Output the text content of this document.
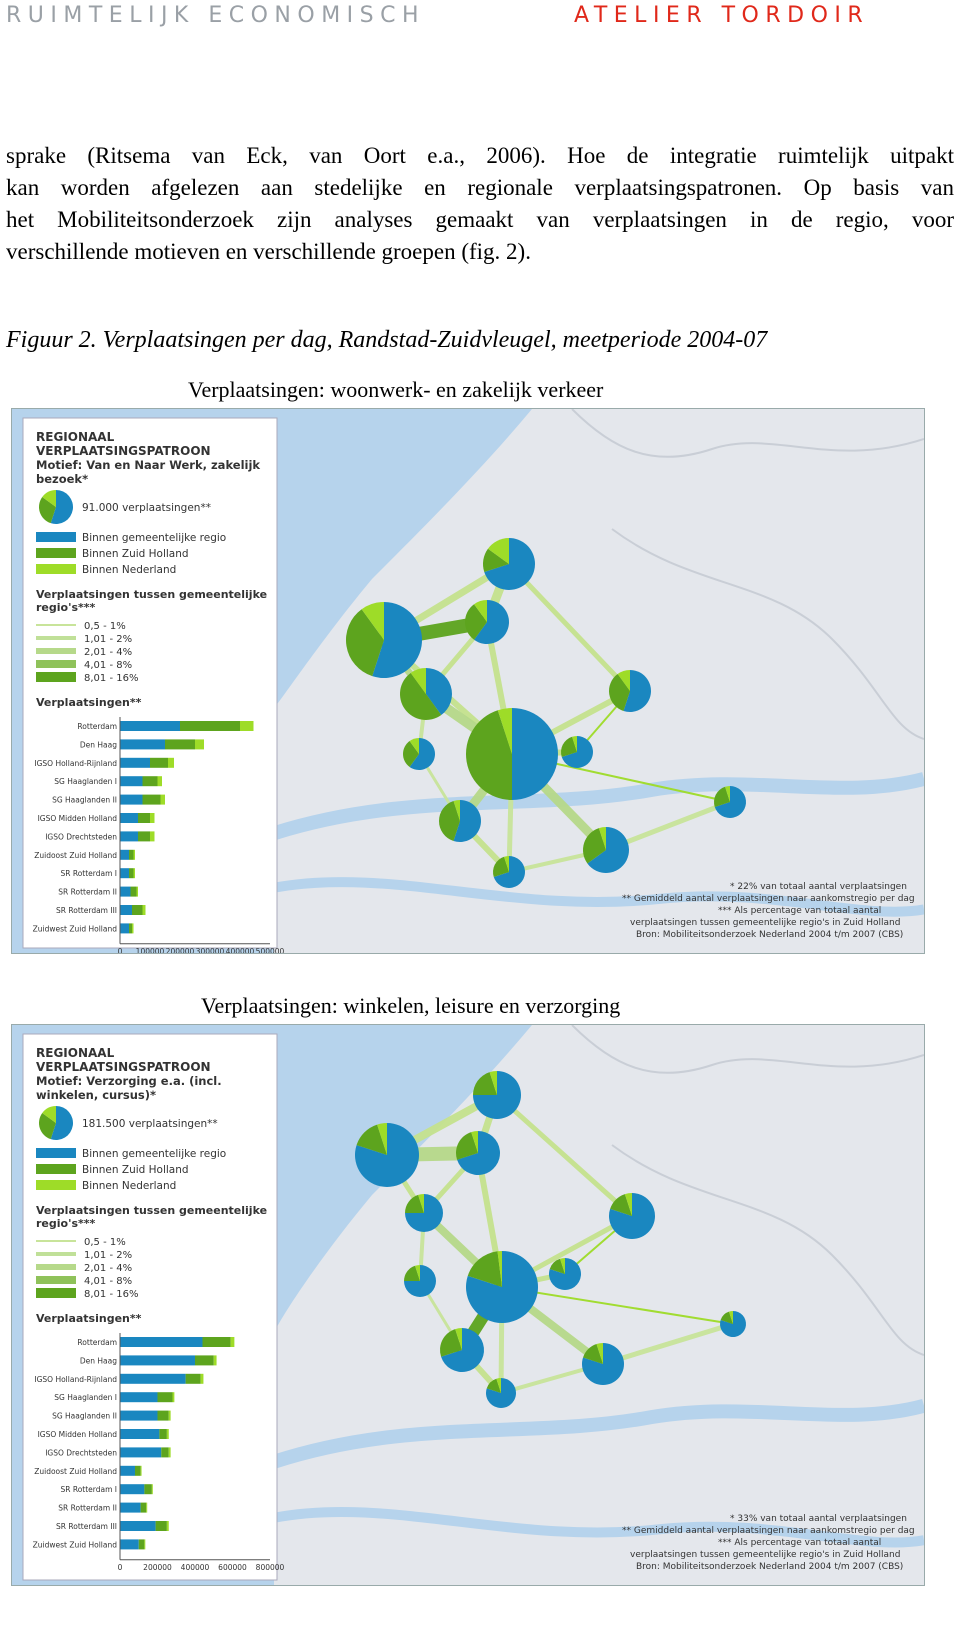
RUIMTELIJK ECONOMISCH	ATELIER TORDOIR
sprake (Ritsema van Eck, van Oort e.a., 2006). Hoe de integratie ruimtelijk uitpakt
kan worden afgelezen aan stedelijke en regionale verplaatsingspatronen. Op basis van
het Mobiliteitsonderzoek zijn analyses gemaakt van verplaatsingen in de regio, voor
verschillende motieven en verschillende groepen (fig. 2).
Figuur 2. Verplaatsingen per dag, Randstad-Zuidvleugel, meetperiode 2004-07
Verplaatsingen: woonwerk- en zakelijk verkeer
REGIONAAL
VERPLAATSINGSPATROON
Motief: Van en Naar Werk, zakelijk
bezoek*
91.000 verplaatsingen**
Binnen gemeentelijke regio
Binnen Zuid Holland
Binnen Nederland
Verplaatsingen tussen gemeentelijke
regio's***
0,5 - 1%
1,01 - 2%
2,01 - 4%
4,01 - 8%
8,01 - 16%
Verplaatsingen**
Rotterdam
Den Haag
IGSO Holland-Rijnland
SG Haaglanden I
SG Haaglanden II
IGSO Midden Holland
IGSO Drechtsteden
Zuidoost Zuid Holland
SR Rotterdam I
SR Rotterdam II
SR Rotterdam III
Zuidwest Zuid Holland
0 100000 200000 300000 400000 500000
* 22% van totaal aantal verplaatsingen
** Gemiddeld aantal verplaatsingen naar aankomstregio per dag
*** Als percentage van totaal aantal
verplaatsingen tussen gemeentelijke regio's in Zuid Holland
Bron: Mobiliteitsonderzoek Nederland 2004 t/m 2007 (CBS)
Verplaatsingen: winkelen, leisure en verzorging
REGIONAAL
VERPLAATSINGSPATROON
Motief: Verzorging e.a. (incl.
winkelen, cursus)*
181.500 verplaatsingen**
Binnen gemeentelijke regio
Binnen Zuid Holland
Binnen Nederland
Verplaatsingen tussen gemeentelijke
regio's***
0,5 - 1%
1,01 - 2%
2,01 - 4%
4,01 - 8%
8,01 - 16%
Verplaatsingen**
Rotterdam
Den Haag
IGSO Holland-Rijnland
SG Haaglanden I
SG Haaglanden II
IGSO Midden Holland
IGSO Drechtsteden
Zuidoost Zuid Holland
SR Rotterdam I
SR Rotterdam II
SR Rotterdam III
Zuidwest Zuid Holland
0	200000 400000 600000 800000
* 33% van totaal aantal verplaatsingen
** Gemiddeld aantal verplaatsingen naar aankomstregio per dag
*** Als percentage van totaal aantal
verplaatsingen tussen gemeentelijke regio's in Zuid Holland
Bron: Mobiliteitsonderzoek Nederland 2004 t/m 2007 (CBS)
